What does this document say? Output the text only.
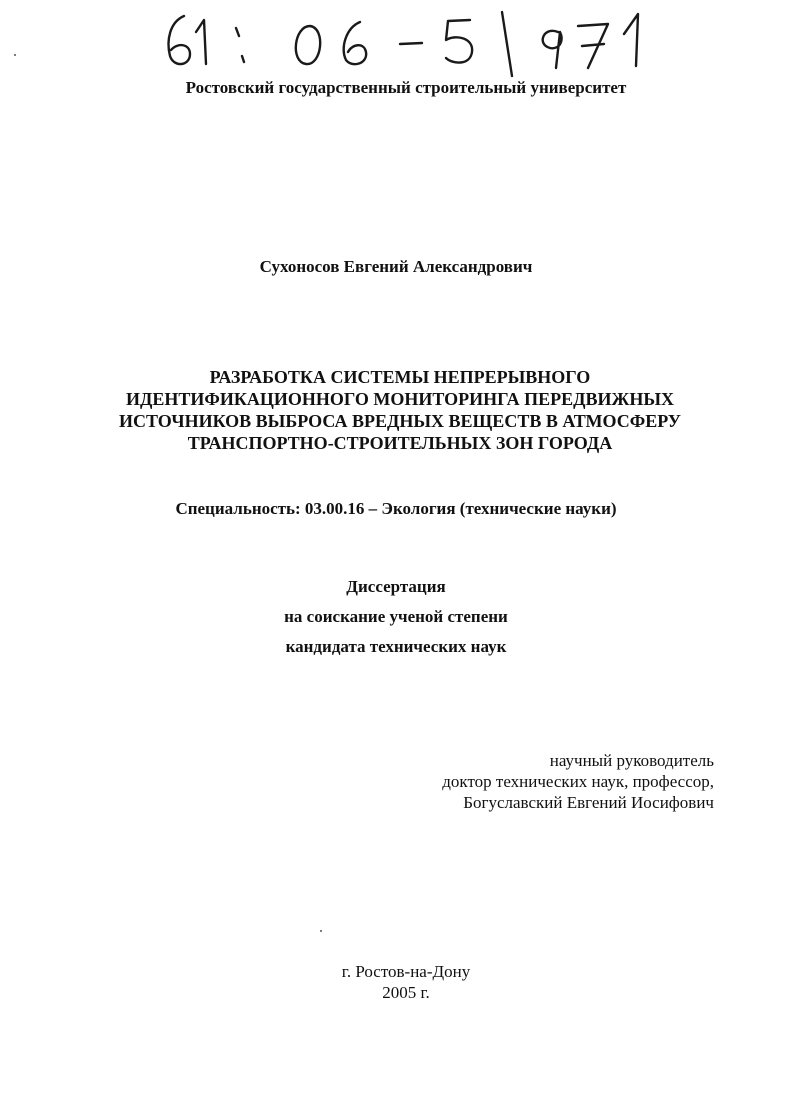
Ростовский государственный строительный университет
Сухоносов Евгений Александрович
РАЗРАБОТКА СИСТЕМЫ НЕПРЕРЫВНОГО
ИДЕНТИФИКАЦИОННОГО МОНИТОРИНГА ПЕРЕДВИЖНЫХ
ИСТОЧНИКОВ ВЫБРОСА ВРЕДНЫХ ВЕЩЕСТВ В АТМОСФЕРУ
ТРАНСПОРТНО-СТРОИТЕЛЬНЫХ ЗОН ГОРОДА
Специальность: 03.00.16 – Экология (технические науки)
Диссертация
на соискание ученой степени
кандидата технических наук
научный руководитель
доктор технических наук, профессор,
Богуславский Евгений Иосифович
г. Ростов-на-Дону
2005 г.
